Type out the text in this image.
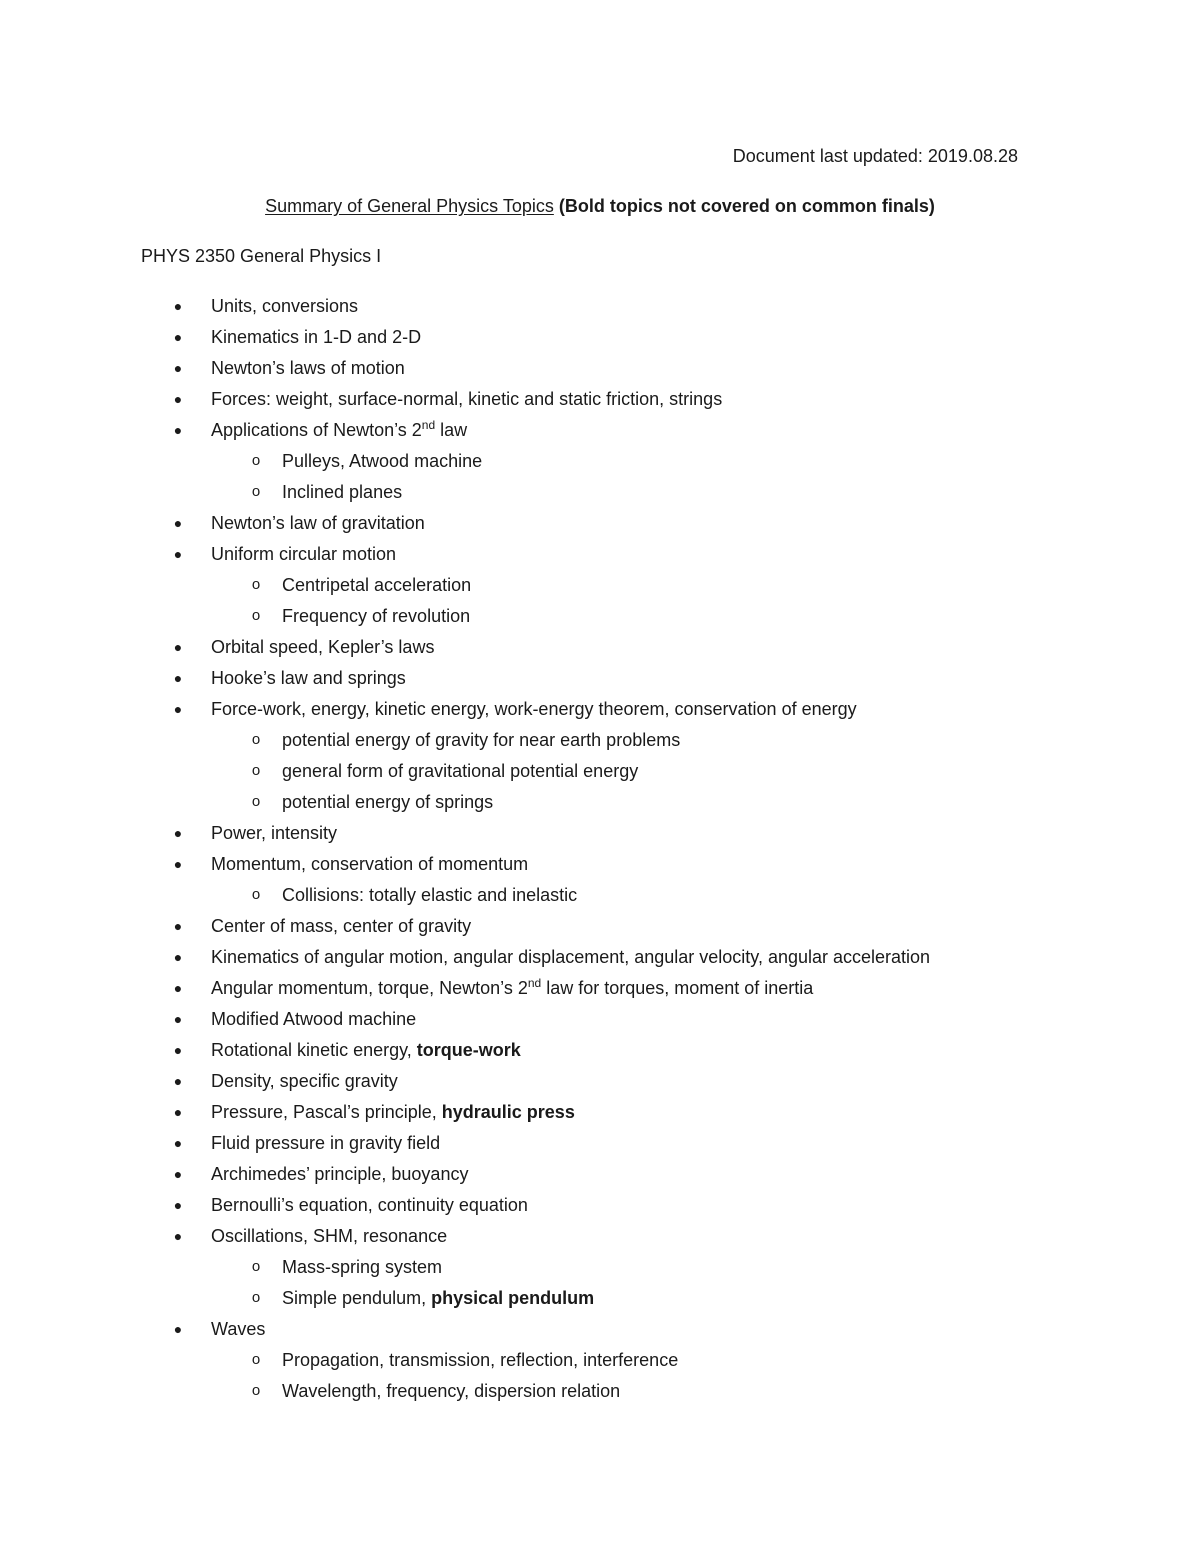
Document last updated: 2019.08.28
Summary of General Physics Topics (Bold topics not covered on common finals)
PHYS 2350 General Physics I
●	Units, conversions
●	Kinematics in 1-D and 2-D
●	Newton’s laws of motion
●	Forces: weight, surface-normal, kinetic and static friction, strings
●	Applications of Newton’s 2nd law
o	Pulleys, Atwood machine
o	Inclined planes
●	Newton’s law of gravitation
●	Uniform circular motion
o	Centripetal acceleration
o	Frequency of revolution
●	Orbital speed, Kepler’s laws
●	Hooke’s law and springs
●	Force-work, energy, kinetic energy, work-energy theorem, conservation of energy
o	potential energy of gravity for near earth problems
o	general form of gravitational potential energy
o	potential energy of springs
●	Power, intensity
●	Momentum, conservation of momentum
o	Collisions: totally elastic and inelastic
●	Center of mass, center of gravity
●	Kinematics of angular motion, angular displacement, angular velocity, angular acceleration
●	Angular momentum, torque, Newton’s 2nd law for torques, moment of inertia
●	Modified Atwood machine
●	Rotational kinetic energy, torque-work
●	Density, specific gravity
●	Pressure, Pascal’s principle, hydraulic press
●	Fluid pressure in gravity field
●	Archimedes’ principle, buoyancy
●	Bernoulli’s equation, continuity equation
●	Oscillations, SHM, resonance
o	Mass-spring system
o	Simple pendulum, physical pendulum
●	Waves
o	Propagation, transmission, reflection, interference
o	Wavelength, frequency, dispersion relation
